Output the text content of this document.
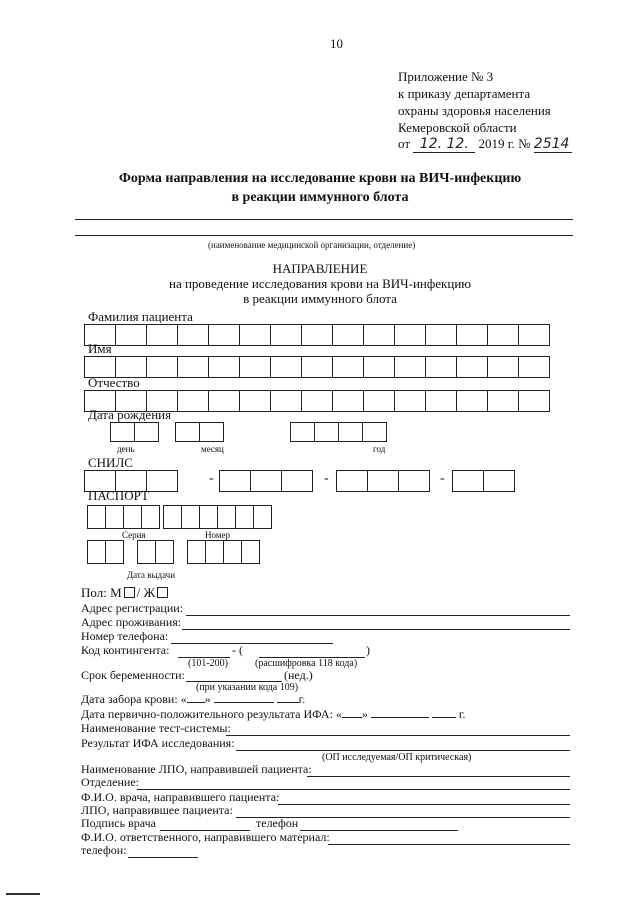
10
Приложение № 3
к приказу департамента
охраны здоровья населения
Кемеровской области
от 12. 12. 2019 г. № 2514
Форма направления на исследование крови на ВИЧ-инфекцию
в реакции иммунного блота
(наименование медицинской организации, отделение)
НАПРАВЛЕНИЕ
на проведение исследования крови на ВИЧ-инфекцию
в реакции иммунного блота
Фамилия пациента
Имя
Отчество
Дата рождения
день	месяц	год
СНИЛС
-	-	-
ПАСПОРТ
Серия	Номер
Дата выдачи
Пол: М / Ж
Адрес регистрации:
Адрес проживания:
Номер телефона:
Код контингента:	- (	)
(101-200)	(расшифровка 118 кода)
Срок беременности:	(нед.)
(при указании кода 109)
Дата забора крови: « »	г.
Дата первично-положительного результата ИФА: « »	г.
Наименование тест-системы:
Результат ИФА исследования:
(ОП исследуемая/ОП критическая)
Наименование ЛПО, направившей пациента:
Отделение:
Ф.И.О. врача, направившего пациента:
ЛПО, направившее пациента:
Подпись врача	телефон
Ф.И.О. ответственного, направившего материал:
телефон:
